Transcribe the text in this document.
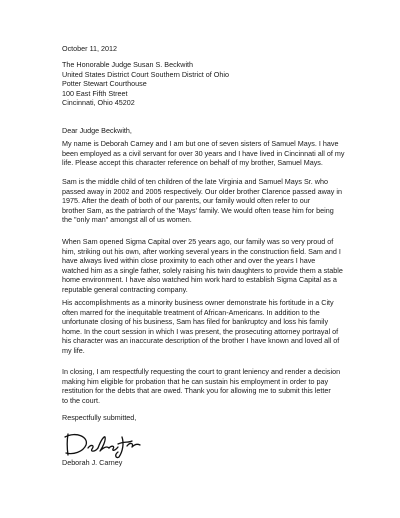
October 11, 2012
The Honorable Judge Susan S. Beckwith
United States District Court Southern District of Ohio
Potter Stewart Courthouse
100 East Fifth Street
Cincinnati, Ohio 45202
Dear Judge Beckwith,
My name is Deborah Carney and I am but one of seven sisters of Samuel Mays. I have
been employed as a civil servant for over 30 years and I have lived in Cincinnati all of my
life. Please accept this character reference on behalf of my brother, Samuel Mays.
Sam is the middle child of ten children of the late Virginia and Samuel Mays Sr. who
passed away in 2002 and 2005 respectively. Our older brother Clarence passed away in
1975. After the death of both of our parents, our family would often refer to our
brother Sam, as the patriarch of the 'Mays' family. We would often tease him for being
the "only man" amongst all of us women.
When Sam opened Sigma Capital over 25 years ago, our family was so very proud of
him, striking out his own, after working several years in the construction field. Sam and I
have always lived within close proximity to each other and over the years I have
watched him as a single father, solely raising his twin daughters to provide them a stable
home environment. I have also watched him work hard to establish Sigma Capital as a
reputable general contracting company.
His accomplishments as a minority business owner demonstrate his fortitude in a City
often marred for the inequitable treatment of African-Americans. In addition to the
unfortunate closing of his business, Sam has filed for bankruptcy and loss his family
home. In the court session in which I was present, the prosecuting attorney portrayal of
his character was an inaccurate description of the brother I have known and loved all of
my life.
In closing, I am respectfully requesting the court to grant leniency and render a decision
making him eligible for probation that he can sustain his employment in order to pay
restitution for the debts that are owed. Thank you for allowing me to submit this letter
to the court.
Respectfully submitted,
Deborah J. Carney
